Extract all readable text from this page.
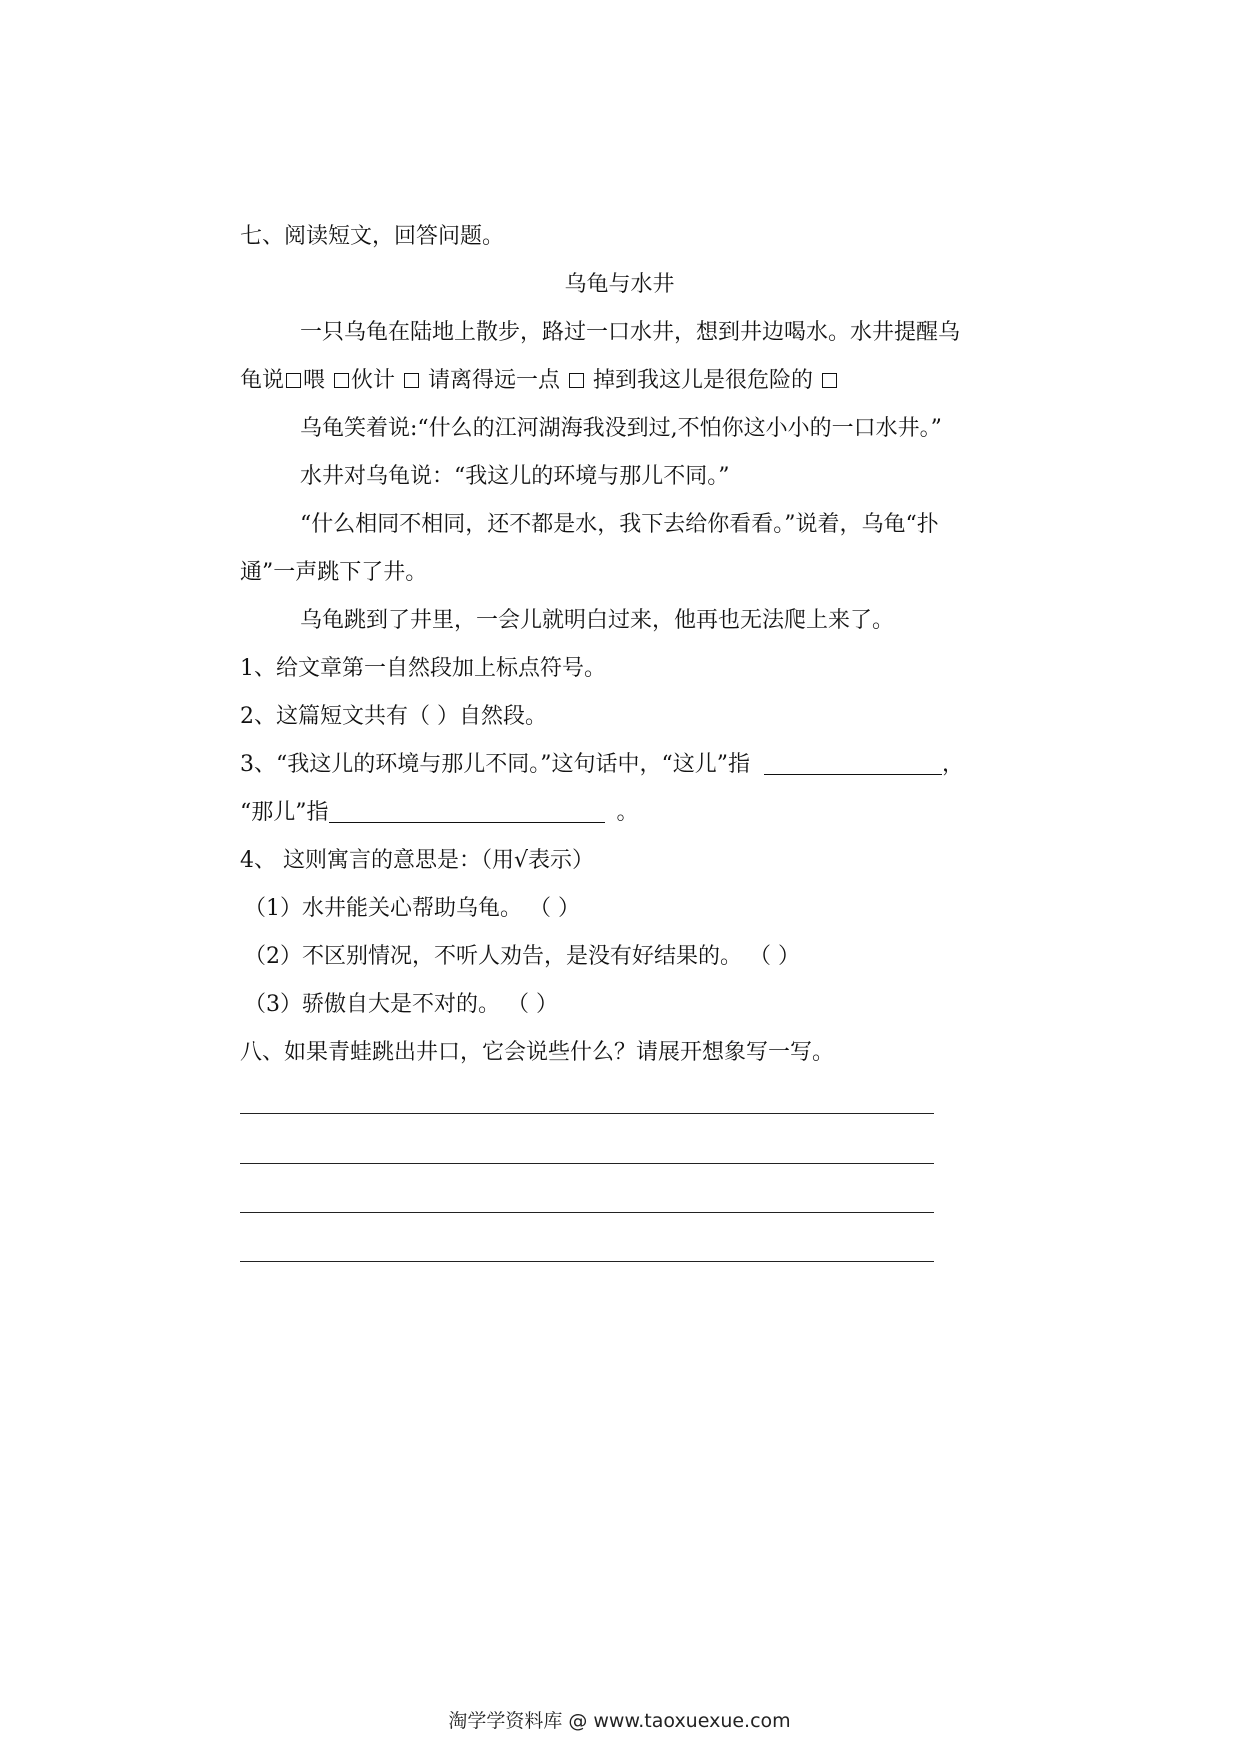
七、阅读短文，回答问题。
乌龟与水井
一只乌龟在陆地上散步，路过一口水井，想到井边喝水。水井提醒乌
龟说 喂 伙计  请离得远一点  掉到我这儿是很危险的
乌龟笑着说:“什么的江河湖海我没到过,不怕你这小小的一口水井。”
水井对乌龟说：“我这儿的环境与那儿不同。”
“什么相同不相同，还不都是水，我下去给你看看。”说着，乌龟“扑
通”一声跳下了井。
乌龟跳到了井里，一会儿就明白过来，他再也无法爬上来了。
1、给文章第一自然段加上标点符号。
2、这篇短文共有（ ）自然段。
3、“我这儿的环境与那儿不同。”这句话中，“这儿”指	，
“那儿”指	。
4、 这则寓言的意思是：（用√表示）
（1）水井能关心帮助乌龟。 （ ）
（2）不区别情况，不听人劝告，是没有好结果的。 （ ）
（3）骄傲自大是不对的。 （ ）
八、如果青蛙跳出井口，它会说些什么？请展开想象写一写。
淘学学资料库 @ www.taoxuexue.com
